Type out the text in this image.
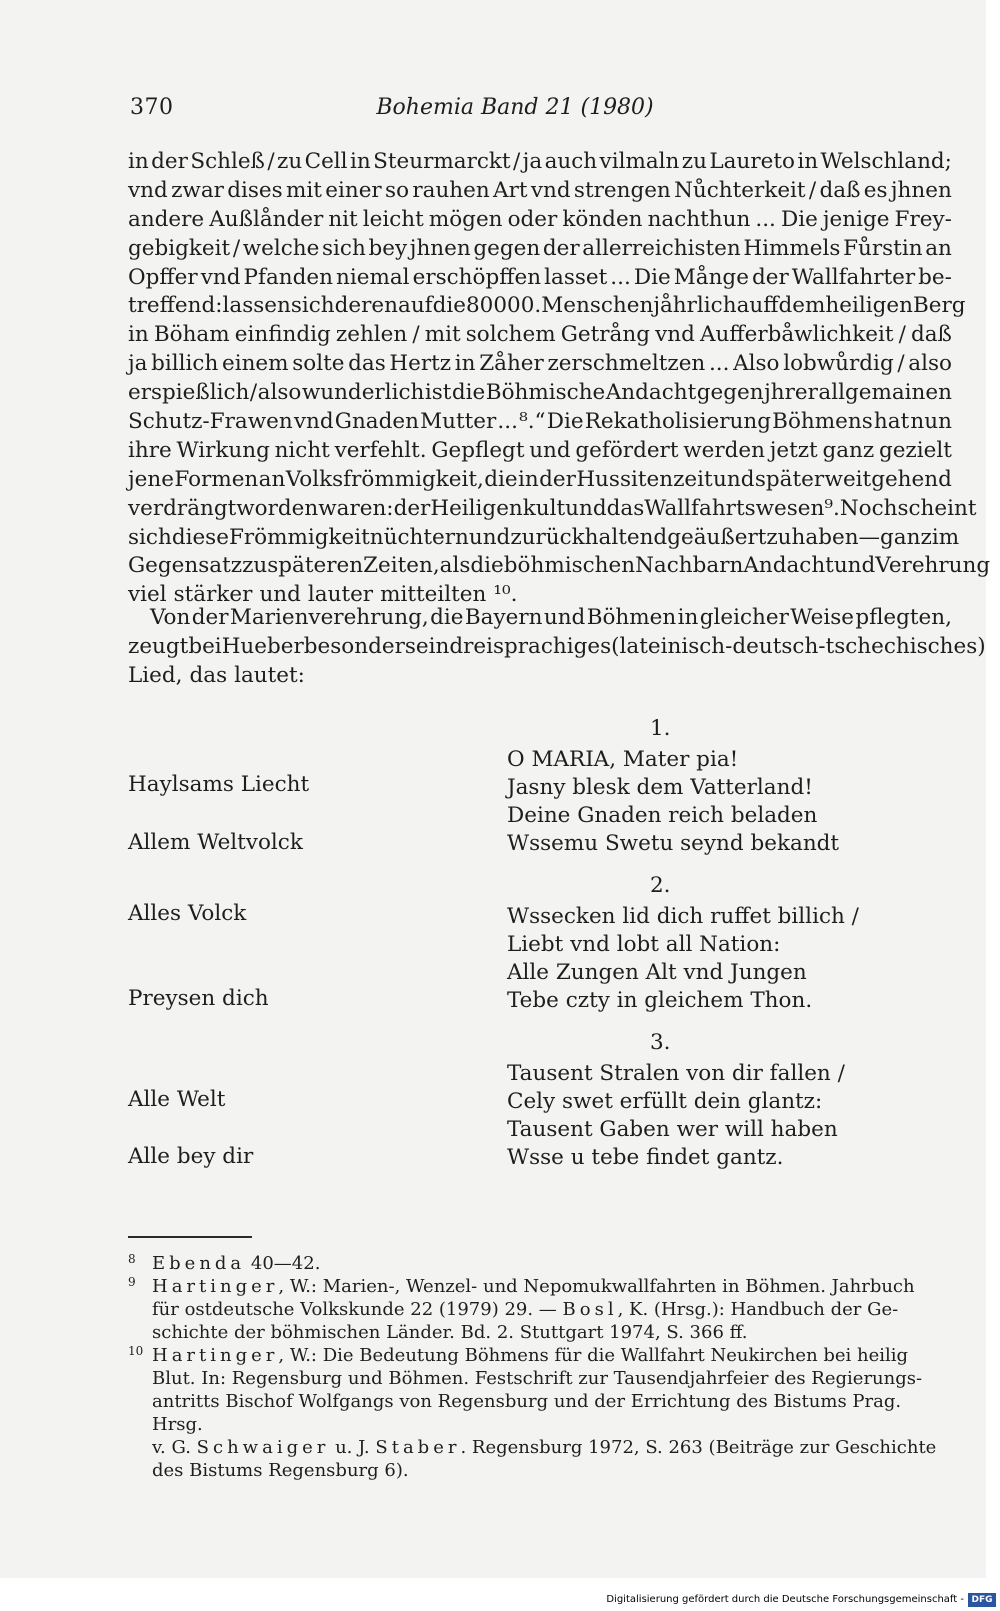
370	Bohemia Band 21 (1980)
in der Schleß / zu Cell in Steurmarckt / ja auch vilmaln zu Laureto in Welschland;
vnd zwar dises mit einer so rauhen Art vnd strengen Nůchterkeit / daß es jhnen
andere Außlånder nit leicht mögen oder könden nachthun ... Die jenige Frey-
gebigkeit / welche sich bey jhnen gegen der allerreichisten Himmels Fůrstin an
Opffer vnd Pfanden niemal erschöpffen lasset ... Die Månge der Wallfahrter be-
treffend: lassen sich deren auf die 80 000. Menschen jåhrlich auff dem heiligen Berg
in Böham einfindig zehlen / mit solchem Getrång vnd Aufferbåwlichkeit / daß
ja billich einem solte das Hertz in Zåher zerschmeltzen ... Also lobwůrdig / also
erspießlich / also wunderlich ist die Böhmische Andacht gegen jhrer allgemainen
Schutz-Frawen vnd Gnaden Mutter ... ⁸.“ Die Rekatholisierung Böhmens hat nun
ihre Wirkung nicht verfehlt. Gepflegt und gefördert werden jetzt ganz gezielt
jene Formen an Volksfrömmigkeit, die in der Hussitenzeit und später weitgehend
verdrängt worden waren: der Heiligenkult und das Wallfahrtswesen ⁹. Noch scheint
sich diese Frömmigkeit nüchtern und zurückhaltend geäußert zu haben — ganz im
Gegensatz zu späteren Zeiten, als die böhmischen Nachbarn Andacht und Verehrung
viel stärker und lauter mitteilten ¹⁰.
Von der Marienverehrung, die Bayern und Böhmen in gleicher Weise pflegten,
zeugt bei Hueber besonders ein dreisprachiges (lateinisch-deutsch-tschechisches)
Lied, das lautet:
1.
O MARIA, Mater pia!
Jasny blesk dem Vatterland!
Deine Gnaden reich beladen
Wssemu Swetu seynd bekandt
2.
Wssecken lid dich ruffet billich /
Liebt vnd lobt all Nation:
Alle Zungen Alt vnd Jungen
Tebe czty in gleichem Thon.
3.
Tausent Stralen von dir fallen /
Cely swet erfüllt dein glantz:
Tausent Gaben wer will haben
Wsse u tebe findet gantz.
Haylsams Liecht
Allem Weltvolck
Alles Volck
Preysen dich
Alle Welt
Alle bey dir
8 Ebenda 40—42.
9 Hartinger, W.: Marien-, Wenzel- und Nepomukwallfahrten in Böhmen. Jahrbuch
für ostdeutsche Volkskunde 22 (1979) 29. — Bosl, K. (Hrsg.): Handbuch der Ge-
schichte der böhmischen Länder. Bd. 2. Stuttgart 1974, S. 366 ff.
10 Hartinger, W.: Die Bedeutung Böhmens für die Wallfahrt Neukirchen bei heilig
Blut. In: Regensburg und Böhmen. Festschrift zur Tausendjahrfeier des Regierungs-
antritts Bischof Wolfgangs von Regensburg und der Errichtung des Bistums Prag. Hrsg.
v. G. Schwaiger u. J. Staber. Regensburg 1972, S. 263 (Beiträge zur Geschichte
des Bistums Regensburg 6).
Digitalisierung gefördert durch die Deutsche Forschungsgemeinschaft - DFG
